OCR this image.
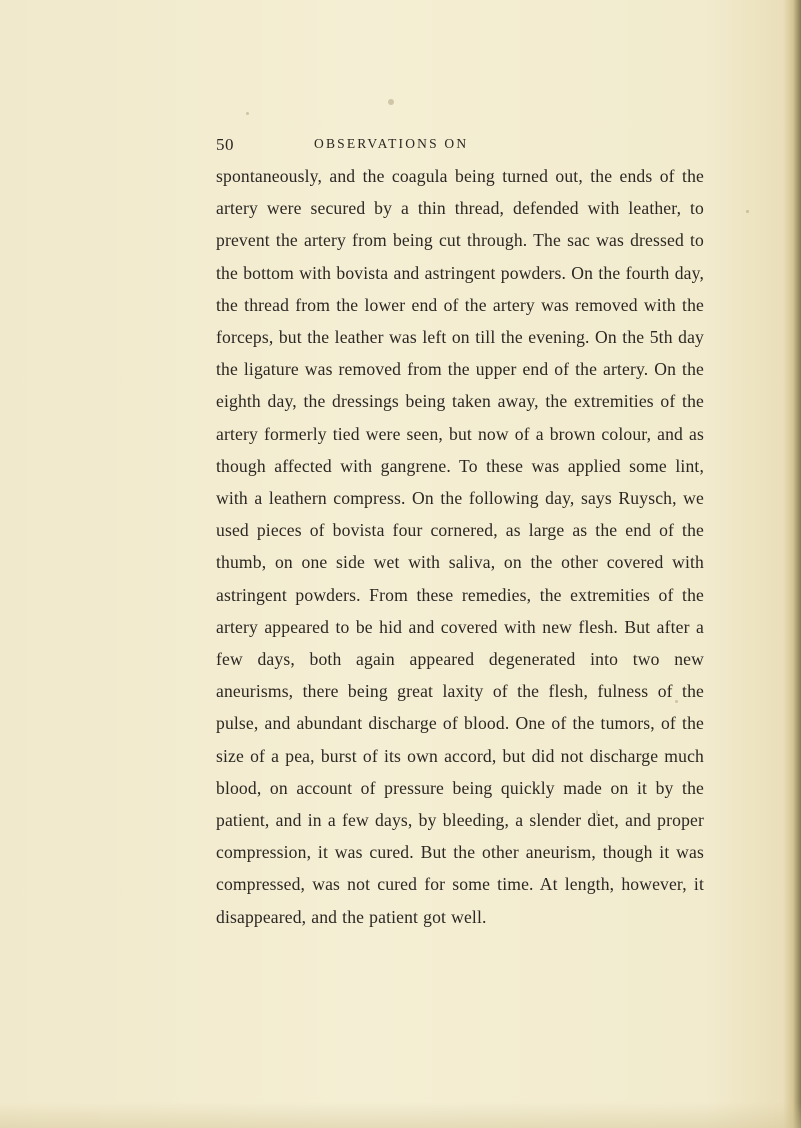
50	OBSERVATIONS ON

spontaneously, and the coagula being turned out, the ends of the artery were secured by a thin thread, defended with leather, to prevent the artery from being cut through. The sac was dressed to the bottom with bovista and astringent powders. On the fourth day, the thread from the lower end of the artery was removed with the forceps, but the leather was left on till the evening. On the 5th day the ligature was removed from the upper end of the artery. On the eighth day, the dressings being taken away, the extremities of the artery formerly tied were seen, but now of a brown colour, and as though affected with gangrene. To these was applied some lint, with a leathern compress. On the following day, says Ruysch, we used pieces of bovista four cornered, as large as the end of the thumb, on one side wet with saliva, on the other covered with astringent powders. From these remedies, the extremities of the artery appeared to be hid and covered with new flesh. But after a few days, both again appeared degenerated into two new aneurisms, there being great laxity of the flesh, fulness of the pulse, and abundant discharge of blood. One of the tumors, of the size of a pea, burst of its own accord, but did not discharge much blood, on account of pressure being quickly made on it by the patient, and in a few days, by bleeding, a slender diet, and proper compression, it was cured. But the other aneurism, though it was compressed, was not cured for some time. At length, however, it disappeared, and the patient got well.
